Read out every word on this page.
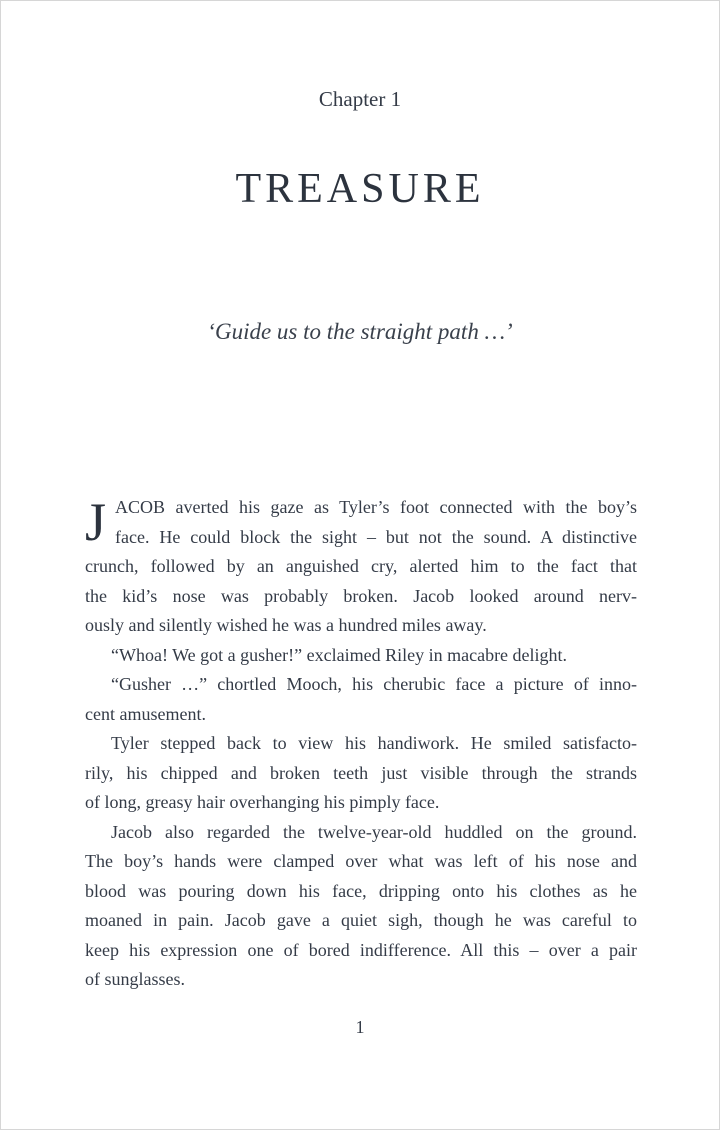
Chapter 1
TREASURE
‘Guide us to the straight path …’
J ACOB averted his gaze as Tyler’s foot connected with the boy’s
face. He could block the sight – but not the sound. A distinctive
crunch, followed by an anguished cry, alerted him to the fact that
the kid’s nose was probably broken. Jacob looked around nerv-
ously and silently wished he was a hundred miles away.
“Whoa! We got a gusher!” exclaimed Riley in macabre delight.
“Gusher …” chortled Mooch, his cherubic face a picture of inno-
cent amusement.
Tyler stepped back to view his handiwork. He smiled satisfacto-
rily, his chipped and broken teeth just visible through the strands
of long, greasy hair overhanging his pimply face.
Jacob also regarded the twelve-year-old huddled on the ground.
The boy’s hands were clamped over what was left of his nose and
blood was pouring down his face, dripping onto his clothes as he
moaned in pain. Jacob gave a quiet sigh, though he was careful to
keep his expression one of bored indifference. All this – over a pair
of sunglasses.
1
